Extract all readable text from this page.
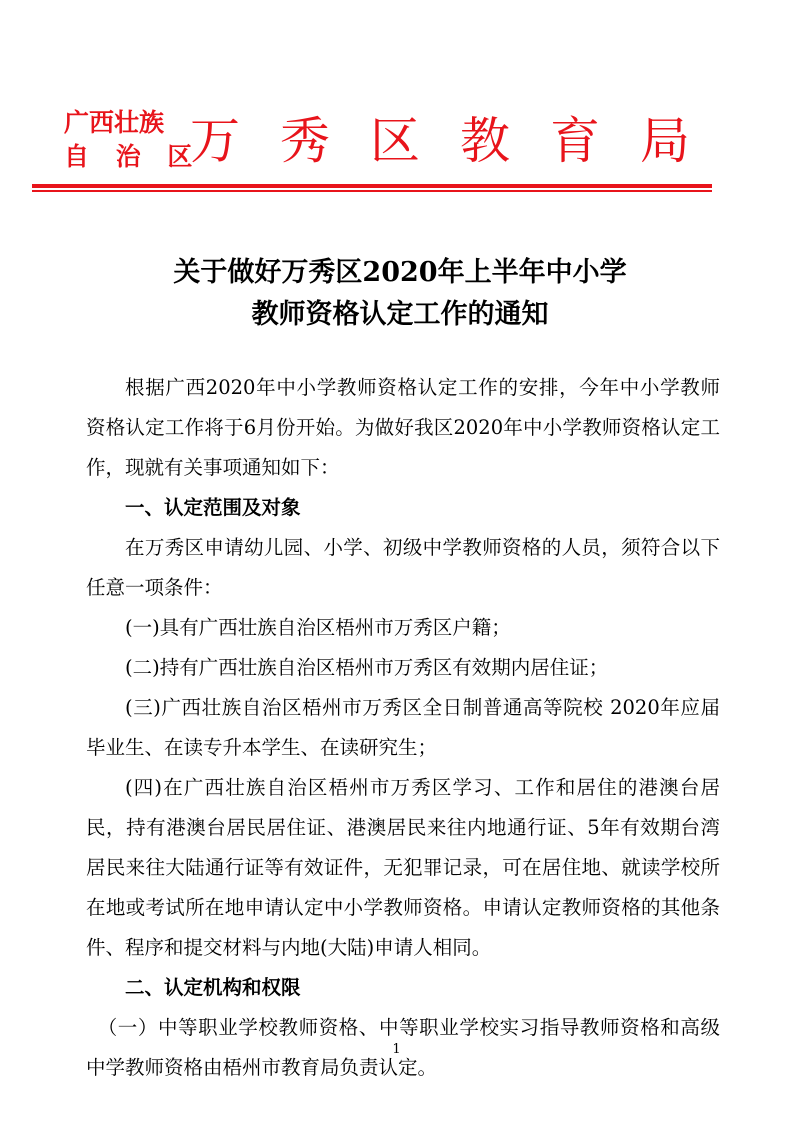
广西壮族
自 治 区
万秀区教育局
关于做好万秀区2020年上半年中小学
教师资格认定工作的通知

根据广西2020年中小学教师资格认定工作的安排，今年中小学教师资格认定工作将于6月份开始。为做好我区2020年中小学教师资格认定工作，现就有关事项通知如下：

一、认定范围及对象

在万秀区申请幼儿园、小学、初级中学教师资格的人员，须符合以下任意一项条件：

(一)具有广西壮族自治区梧州市万秀区户籍；

(二)持有广西壮族自治区梧州市万秀区有效期内居住证；

(三)广西壮族自治区梧州市万秀区全日制普通高等院校 2020年应届毕业生、在读专升本学生、在读研究生；

(四)在广西壮族自治区梧州市万秀区学习、工作和居住的港澳台居民，持有港澳台居民居住证、港澳居民来往内地通行证、5年有效期台湾居民来往大陆通行证等有效证件，无犯罪记录，可在居住地、就读学校所在地或考试所在地申请认定中小学教师资格。申请认定教师资格的其他条件、程序和提交材料与内地(大陆)申请人相同。

二、认定机构和权限

（一）中等职业学校教师资格、中等职业学校实习指导教师资格和高级中学教师资格由梧州市教育局负责认定。

1
